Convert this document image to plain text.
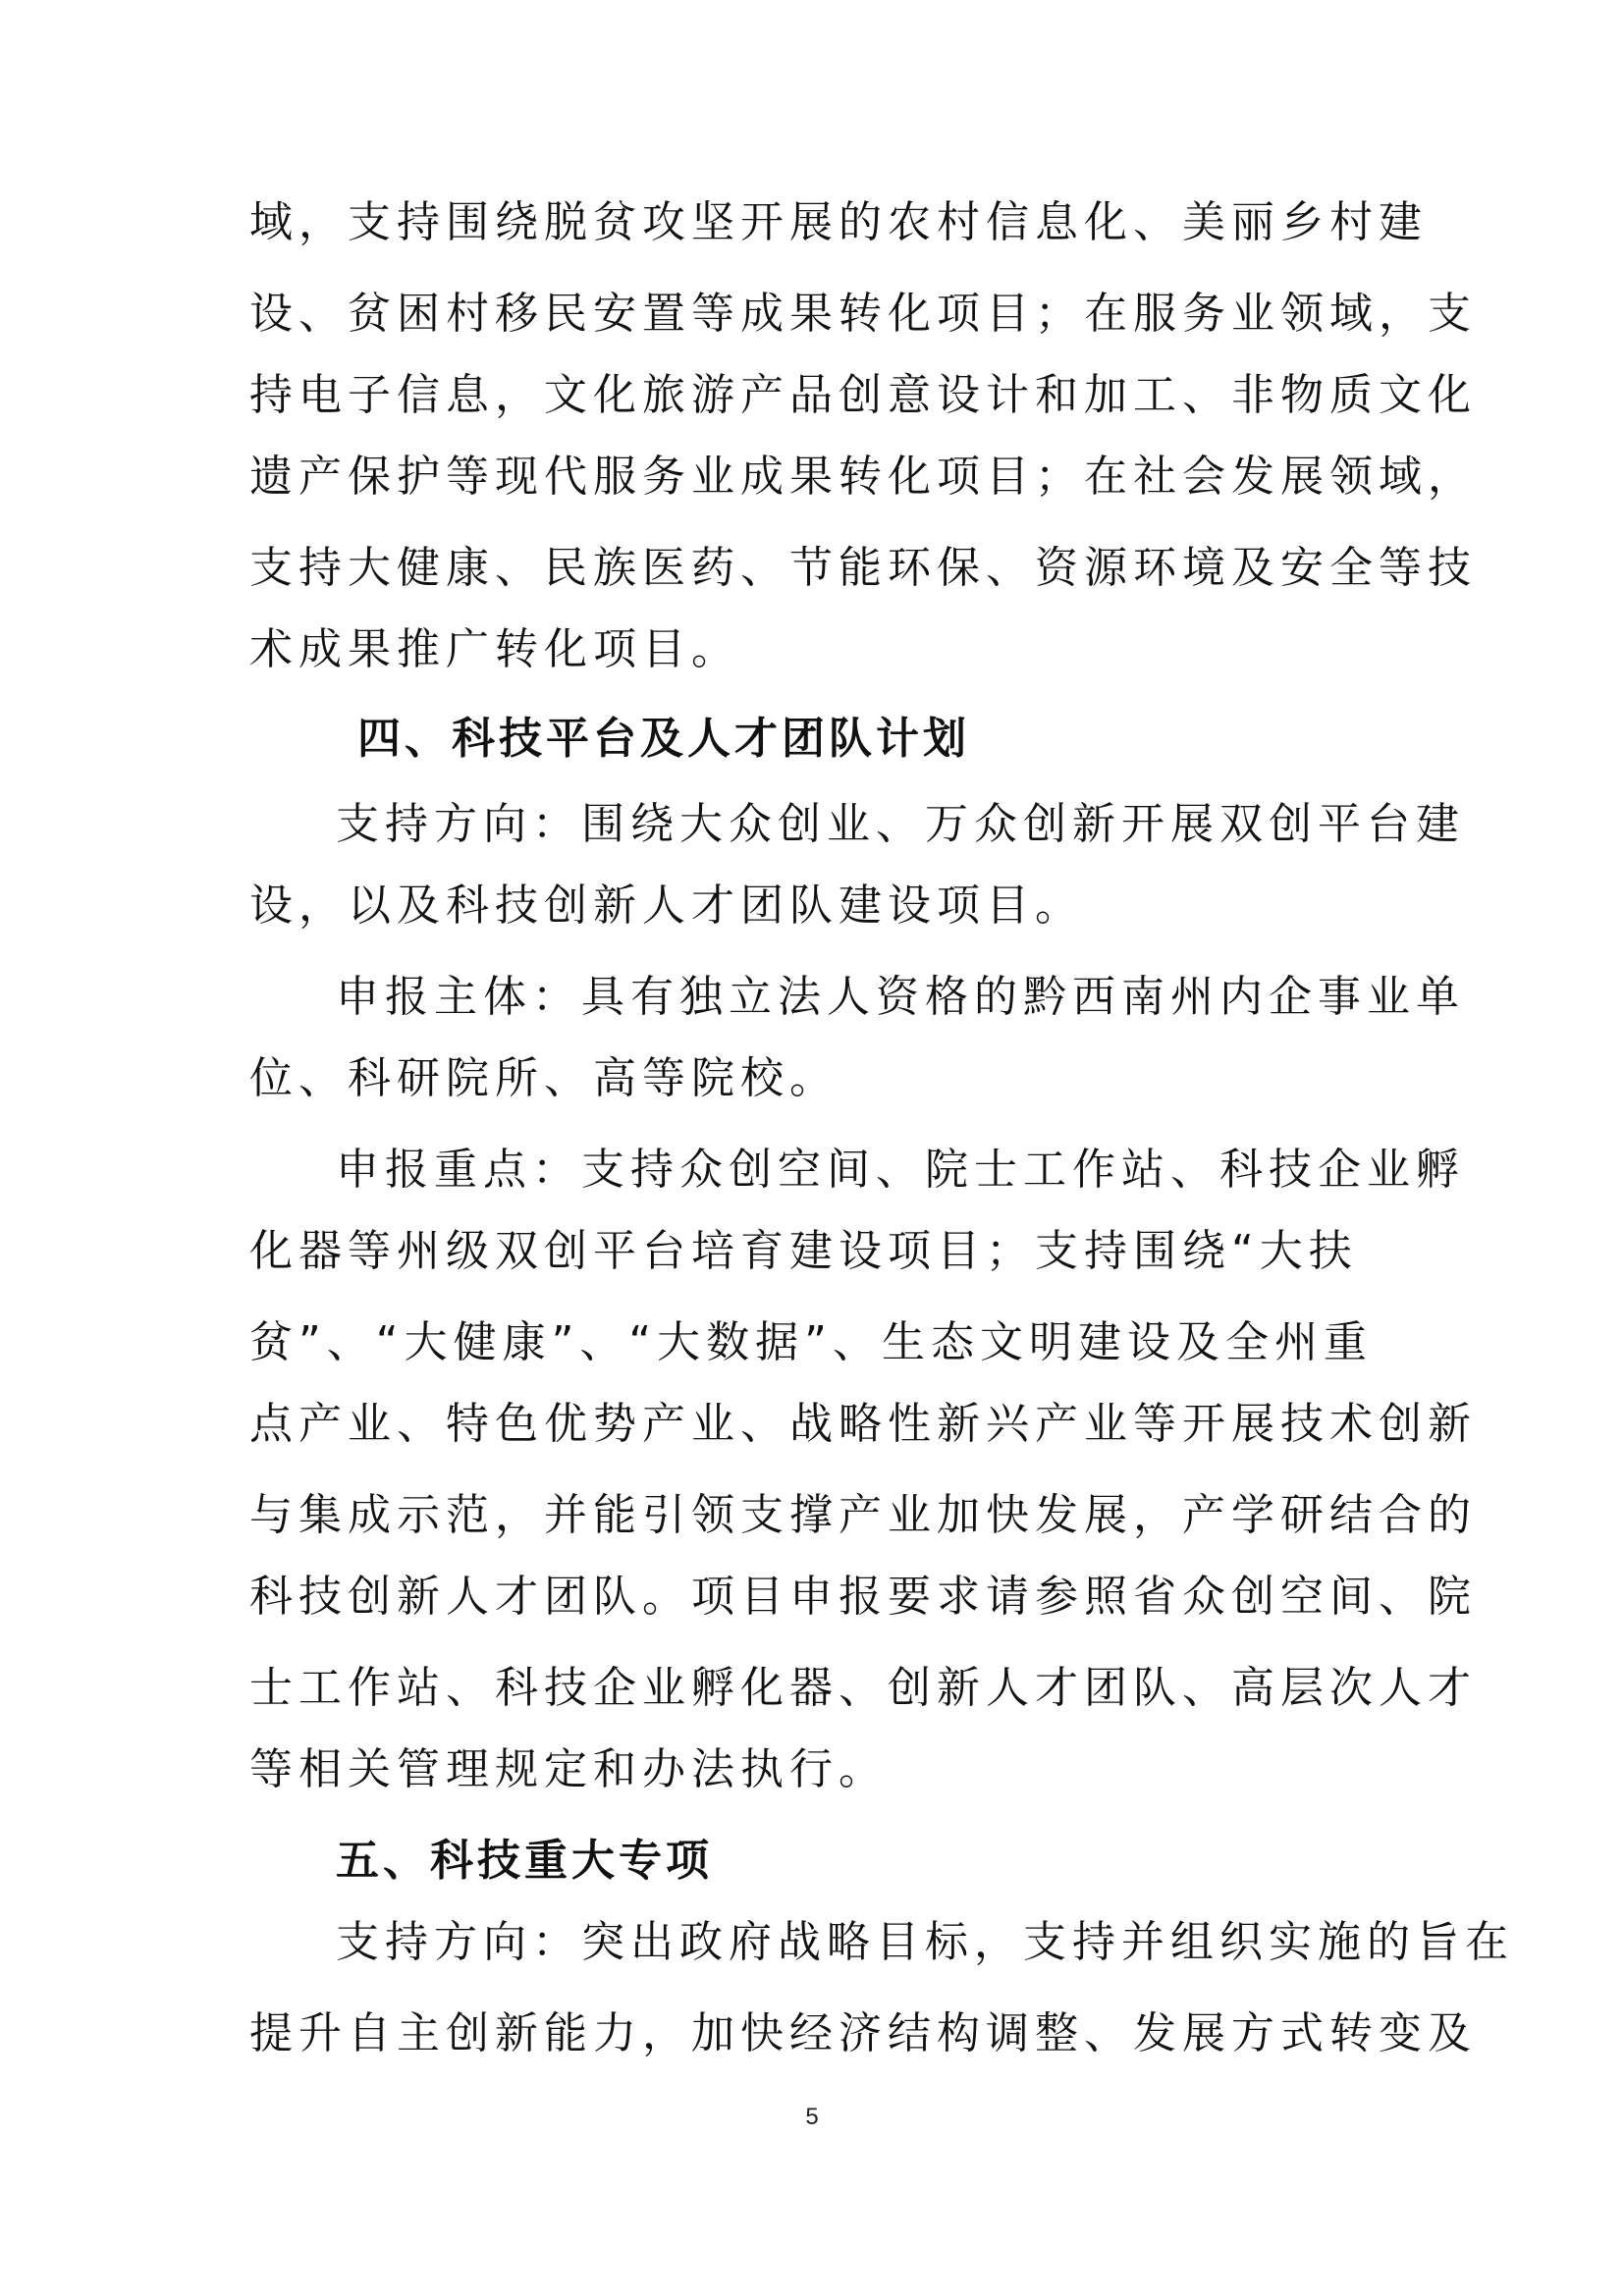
域，支持围绕脱贫攻坚开展的农村信息化、美丽乡村建
设、贫困村移民安置等成果转化项目；在服务业领域，支
持电子信息，文化旅游产品创意设计和加工、非物质文化
遗产保护等现代服务业成果转化项目；在社会发展领域，
支持大健康、民族医药、节能环保、资源环境及安全等技
术成果推广转化项目。
四、科技平台及人才团队计划
支持方向：围绕大众创业、万众创新开展双创平台建
设，以及科技创新人才团队建设项目。
申报主体：具有独立法人资格的黔西南州内企事业单
位、科研院所、高等院校。
申报重点：支持众创空间、院士工作站、科技企业孵
化器等州级双创平台培育建设项目；支持围绕“大扶
贫”、“大健康”、“大数据”、生态文明建设及全州重
点产业、特色优势产业、战略性新兴产业等开展技术创新
与集成示范，并能引领支撑产业加快发展，产学研结合的
科技创新人才团队。项目申报要求请参照省众创空间、院
士工作站、科技企业孵化器、创新人才团队、高层次人才
等相关管理规定和办法执行。
五、科技重大专项
支持方向：突出政府战略目标，支持并组织实施的旨在
提升自主创新能力，加快经济结构调整、发展方式转变及
5
